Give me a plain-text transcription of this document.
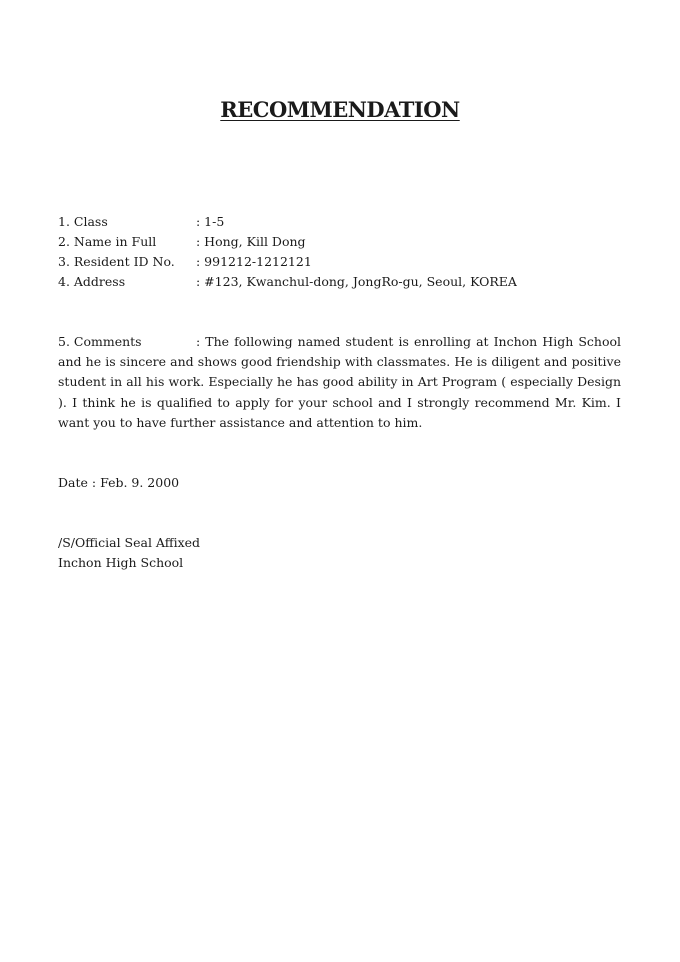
RECOMMENDATION
1. Class	: 1-5
2. Name in Full	: Hong, Kill Dong
3. Resident ID No.	: 991212-1212121
4. Address	: #123, Kwanchul-dong, JongRo-gu, Seoul, KOREA
5. Comments	: The following named student is enrolling at Inchon High School and he is sincere and shows good friendship with classmates. He is diligent and positive student in all his work. Especially he has good ability in Art Program ( especially Design ). I think he is qualified to apply for your school and I strongly recommend Mr. Kim. I want you to have further assistance and attention to him.
Date : Feb. 9. 2000
/S/Official Seal Affixed
Inchon High School
